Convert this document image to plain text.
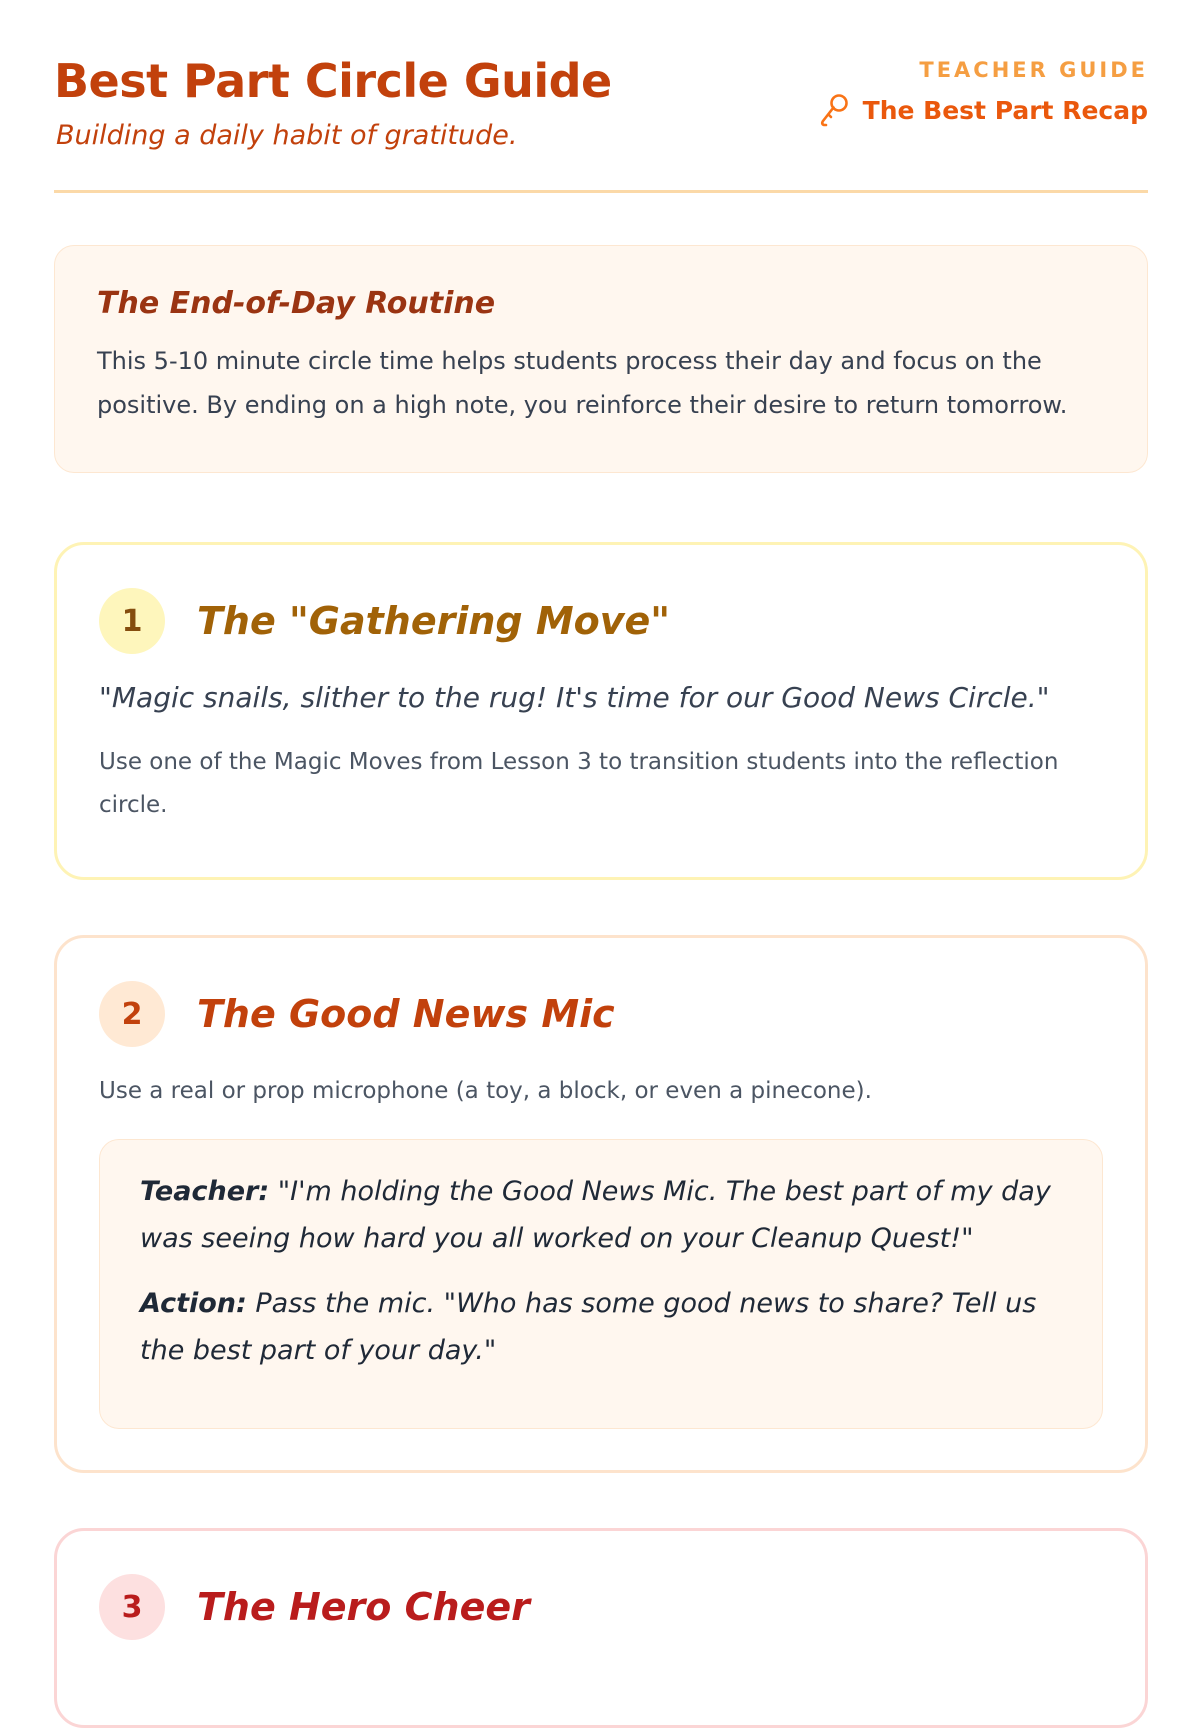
Best Part Circle Guide
Building a daily habit of gratitude.
TEACHER GUIDE
The Best Part Recap
The End-of-Day Routine

This 5-10 minute circle time helps students process their day and focus on the positive. By ending on a high note, you reinforce their desire to return tomorrow.

1	The "Gathering Move"

"Magic snails, slither to the rug! It's time for our Good News Circle."

Use one of the Magic Moves from Lesson 3 to transition students into the reflection circle.

2	The Good News Mic

Use a real or prop microphone (a toy, a block, or even a pinecone).

Teacher: "I'm holding the Good News Mic. The best part of my day was seeing how hard you all worked on your Cleanup Quest!"

Action: Pass the mic. "Who has some good news to share? Tell us the best part of your day."

3	The Hero Cheer
